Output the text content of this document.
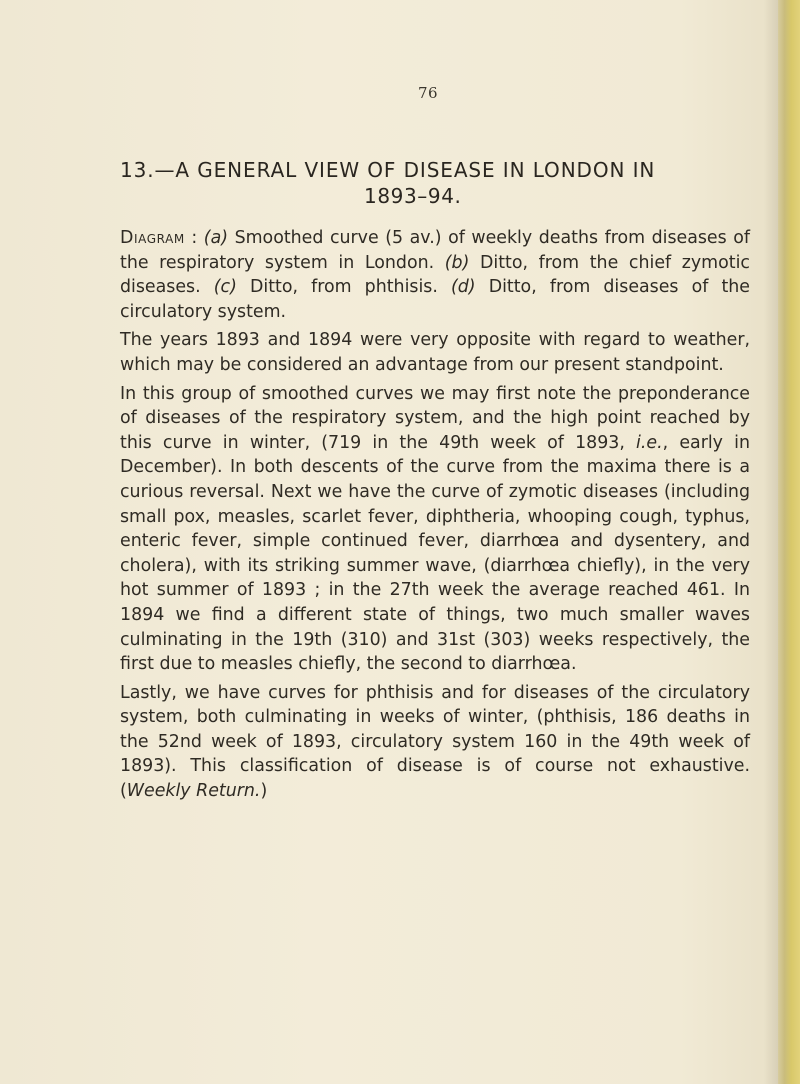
76
13.—A GENERAL VIEW OF DISEASE IN LONDON IN
1893–94.

Diagram : (a) Smoothed curve (5 av.) of weekly deaths from diseases of the respiratory system in London. (b) Ditto, from the chief zymotic diseases. (c) Ditto, from phthisis. (d) Ditto, from diseases of the circulatory system.

The years 1893 and 1894 were very opposite with regard to weather, which may be considered an advantage from our present standpoint.

In this group of smoothed curves we may first note the preponderance of diseases of the respiratory system, and the high point reached by this curve in winter, (719 in the 49th week of 1893, i.e., early in December). In both descents of the curve from the maxima there is a curious reversal. Next we have the curve of zymotic diseases (including small pox, measles, scarlet fever, diphtheria, whooping cough, typhus, enteric fever, simple continued fever, diarrhœa and dysentery, and cholera), with its striking summer wave, (diarrhœa chiefly), in the very hot summer of 1893 ; in the 27th week the average reached 461. In 1894 we find a different state of things, two much smaller waves culminating in the 19th (310) and 31st (303) weeks respectively, the first due to measles chiefly, the second to diarrhœa.

Lastly, we have curves for phthisis and for diseases of the circulatory system, both culminating in weeks of winter, (phthisis, 186 deaths in the 52nd week of 1893, circulatory system 160 in the 49th week of 1893). This classification of disease is of course not exhaustive. (Weekly Return.)
